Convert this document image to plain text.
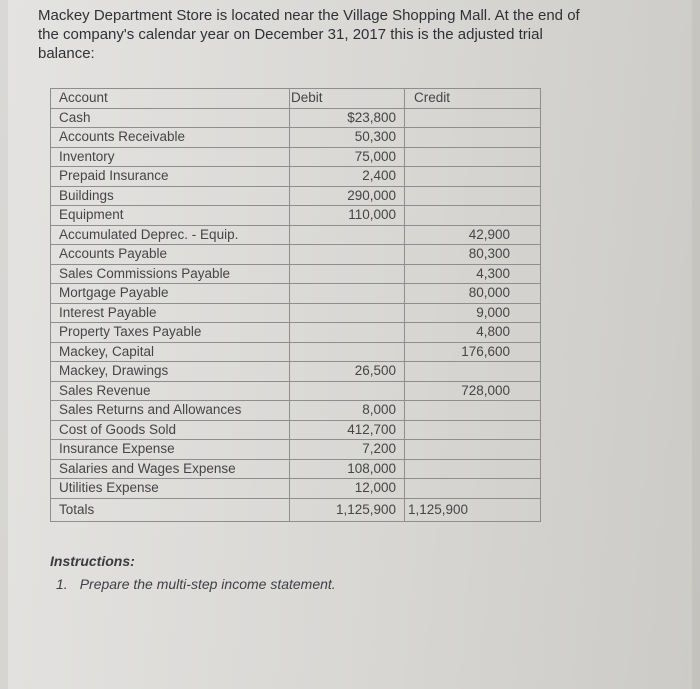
Mackey Department Store is located near the Village Shopping Mall. At the end of the company's calendar year on December 31, 2017 this is the adjusted trial balance:
Account	Debit	Credit
Cash	$23,800	
Accounts Receivable	50,300	
Inventory	75,000	
Prepaid Insurance	2,400	
Buildings	290,000	
Equipment	110,000	
Accumulated Deprec. - Equip.		42,900
Accounts Payable		80,300
Sales Commissions Payable		4,300
Mortgage Payable		80,000
Interest Payable		9,000
Property Taxes Payable		4,800
Mackey, Capital		176,600
Mackey, Drawings	26,500	
Sales Revenue		728,000
Sales Returns and Allowances	8,000	
Cost of Goods Sold	412,700	
Insurance Expense	7,200	
Salaries and Wages Expense	108,000	
Utilities Expense	12,000	
Totals	1,125,900	1,125,900
Instructions:
1. Prepare the multi-step income statement.
